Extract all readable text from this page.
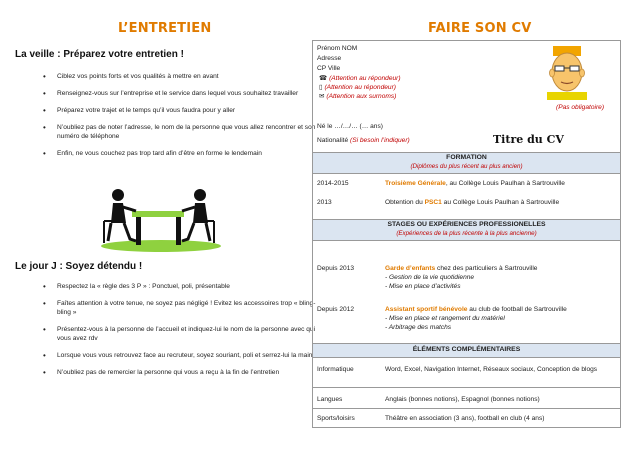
L’ENTRETIEN
La veille : Préparez votre entretien !
• Ciblez vos points forts et vos qualités à mettre en avant
• Renseignez-vous sur l’entreprise et le service dans lequel vous souhaitez travailler
• Préparez votre trajet et le temps qu’il vous faudra pour y aller
• N’oubliez pas de noter l’adresse, le nom de la personne que vous allez rencontrer et son numéro de téléphone
• Enfin, ne vous couchez pas trop tard afin d’être en forme le lendemain
Le jour J : Soyez détendu !
• Respectez la « règle des 3 P » : Ponctuel, poli, présentable
• Faîtes attention à votre tenue, ne soyez pas négligé ! Evitez les accessoires trop « bling-bling »
• Présentez-vous à la personne de l’accueil et indiquez-lui le nom de la personne avec qui vous avez rdv
• Lorsque vous vous retrouvez face au recruteur, soyez souriant, poli et serrez-lui la main
• N’oubliez pas de remercier la personne qui vous a reçu à la fin de l’entretien
FAIRE SON CV
Prénom NOM
Adresse
CP Ville
☎ (Attention au répondeur)
▯ (Attention au répondeur)
✉ (Attention aux surnoms)
(Pas obligatoire)
Né le …/…/… (… ans)
Nationalité (Si besoin l’indiquer)	Titre du CV
FORMATION
(Diplômes du plus récent au plus ancien)
2014-2015	Troisième Générale, au Collège Louis Paulhan à Sartrouville
2013	Obtention du PSC1 au Collège Louis Paulhan à Sartrouville
STAGES OU EXPÉRIENCES PROFESSIONELLES
(Expériences de la plus récente à la plus ancienne)
Depuis 2013	Garde d’enfants chez des particuliers à Sartrouville
- Gestion de la vie quotidienne
- Mise en place d’activités
Depuis 2012	Assistant sportif bénévole au club de football de Sartrouville
- Mise en place et rangement du matériel
- Arbitrage des matchs
ÉLÉMENTS COMPLÉMENTAIRES
Informatique	Word, Excel, Navigation Internet, Réseaux sociaux, Conception de blogs
Langues	Anglais (bonnes notions), Espagnol (bonnes notions)
Sports/loisirs	Théâtre en association (3 ans), football en club (4 ans)
